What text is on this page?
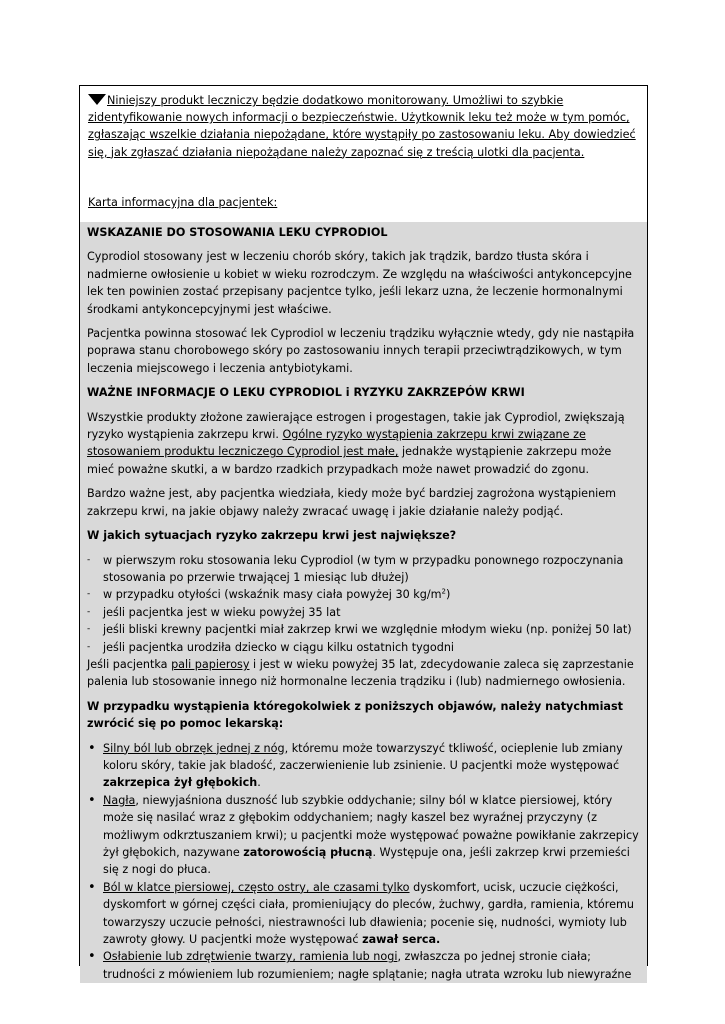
Niniejszy produkt leczniczy będzie dodatkowo monitorowany. Umożliwi to szybkie zidentyfikowanie nowych informacji o bezpieczeństwie. Użytkownik leku też może w tym pomóc, zgłaszając wszelkie działania niepożądane, które wystąpiły po zastosowaniu leku. Aby dowiedzieć się, jak zgłaszać działania niepożądane należy zapoznać się z treścią ulotki dla pacjenta.

Karta informacyjna dla pacjentek:

WSKAZANIE DO STOSOWANIA LEKU CYPRODIOL

Cyprodiol stosowany jest w leczeniu chorób skóry, takich jak trądzik, bardzo tłusta skóra i nadmierne owłosienie u kobiet w wieku rozrodczym. Ze względu na właściwości antykoncepcyjne lek ten powinien zostać przepisany pacjentce tylko, jeśli lekarz uzna, że leczenie hormonalnymi środkami antykoncepcyjnymi jest właściwe.

Pacjentka powinna stosować lek Cyprodiol w leczeniu trądziku wyłącznie wtedy, gdy nie nastąpiła poprawa stanu chorobowego skóry po zastosowaniu innych terapii przeciwtrądzikowych, w tym leczenia miejscowego i leczenia antybiotykami.

WAŻNE INFORMACJE O LEKU CYPRODIOL i RYZYKU ZAKRZEPÓW KRWI

Wszystkie produkty złożone zawierające estrogen i progestagen, takie jak Cyprodiol, zwiększają ryzyko wystąpienia zakrzepu krwi. Ogólne ryzyko wystąpienia zakrzepu krwi związane ze stosowaniem produktu leczniczego Cyprodiol jest małe, jednakże wystąpienie zakrzepu może mieć poważne skutki, a w bardzo rzadkich przypadkach może nawet prowadzić do zgonu.

Bardzo ważne jest, aby pacjentka wiedziała, kiedy może być bardziej zagrożona wystąpieniem zakrzepu krwi, na jakie objawy należy zwracać uwagę i jakie działanie należy podjąć.

W jakich sytuacjach ryzyko zakrzepu krwi jest największe?

- w pierwszym roku stosowania leku Cyprodiol (w tym w przypadku ponownego rozpoczynania stosowania po przerwie trwającej 1 miesiąc lub dłużej)
- w przypadku otyłości (wskaźnik masy ciała powyżej 30 $kg/m^2$)
- jeśli pacjentka jest w wieku powyżej 35 lat
- jeśli bliski krewny pacjentki miał zakrzep krwi we względnie młodym wieku (np. poniżej 50 lat)
- jeśli pacjentka urodziła dziecko w ciągu kilku ostatnich tygodni

Jeśli pacjentka pali papierosy i jest w wieku powyżej 35 lat, zdecydowanie zaleca się zaprzestanie palenia lub stosowanie innego niż hormonalne leczenia trądziku i (lub) nadmiernego owłosienia.

W przypadku wystąpienia któregokolwiek z poniższych objawów, należy natychmiast zwrócić się po pomoc lekarską:

• Silny ból lub obrzęk jednej z nóg, któremu może towarzyszyć tkliwość, ocieplenie lub zmiany koloru skóry, takie jak bladość, zaczerwienienie lub zsinienie. U pacjentki może występować zakrzepica żył głębokich.
• Nagła, niewyjaśniona duszność lub szybkie oddychanie; silny ból w klatce piersiowej, który może się nasilać wraz z głębokim oddychaniem; nagły kaszel bez wyraźnej przyczyny (z możliwym odkrztuszaniem krwi); u pacjentki może występować poważne powikłanie zakrzepicy żył głębokich, nazywane zatorowością płucną. Występuje ona, jeśli zakrzep krwi przemieści się z nogi do płuca.
• Ból w klatce piersiowej, często ostry, ale czasami tylko dyskomfort, ucisk, uczucie ciężkości, dyskomfort w górnej części ciała, promieniujący do pleców, żuchwy, gardła, ramienia, któremu towarzyszy uczucie pełności, niestrawności lub dławienia; pocenie się, nudności, wymioty lub zawroty głowy. U pacjentki może występować zawał serca.
• Osłabienie lub zdrętwienie twarzy, ramienia lub nogi, zwłaszcza po jednej stronie ciała; trudności z mówieniem lub rozumieniem; nagłe splątanie; nagła utrata wzroku lub niewyraźne
